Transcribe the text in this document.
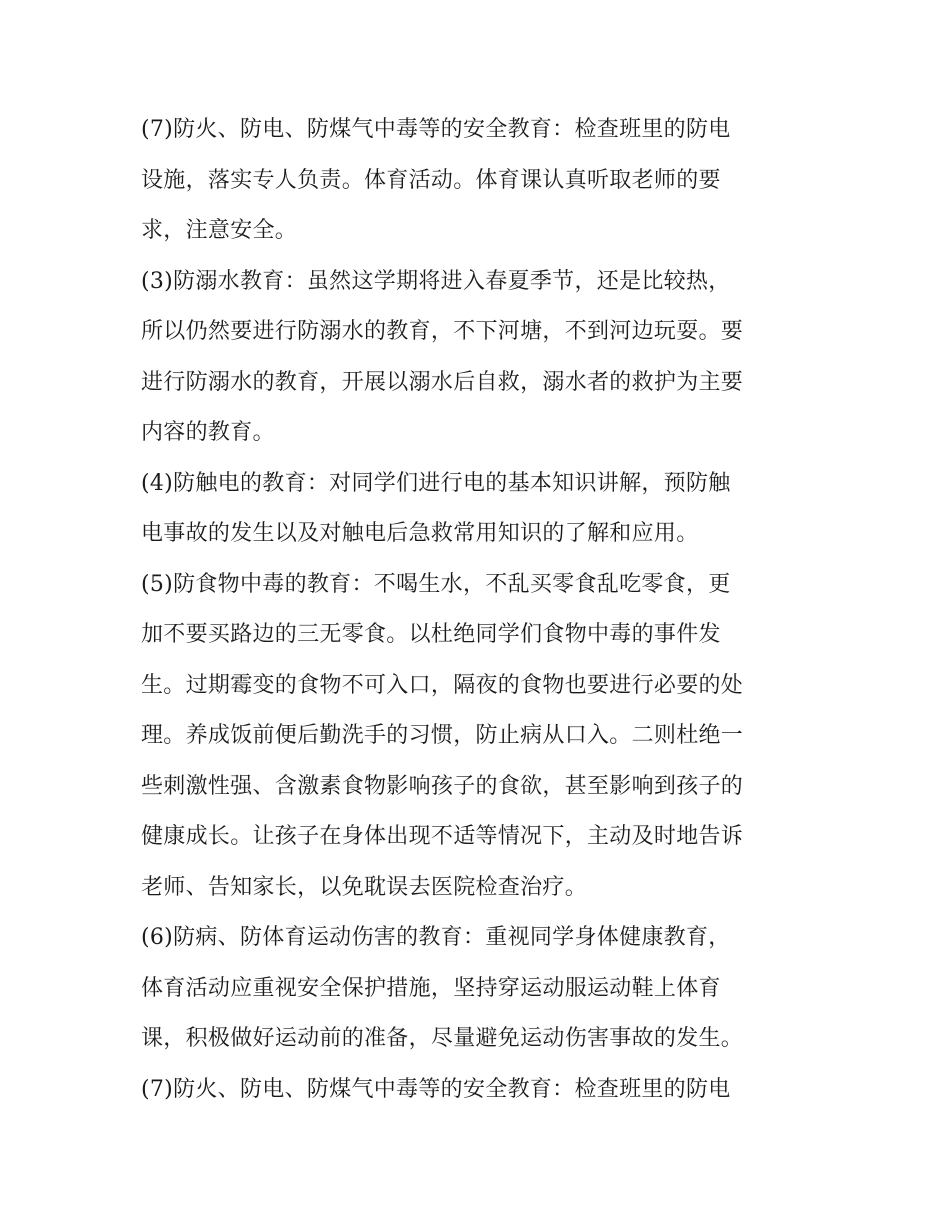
(7)防火、防电、防煤气中毒等的安全教育：检查班里的防电
设施，落实专人负责。体育活动。体育课认真听取老师的要
求，注意安全。
(3)防溺水教育：虽然这学期将进入春夏季节，还是比较热，
所以仍然要进行防溺水的教育，不下河塘，不到河边玩耍。要
进行防溺水的教育，开展以溺水后自救，溺水者的救护为主要
内容的教育。
(4)防触电的教育：对同学们进行电的基本知识讲解，预防触
电事故的发生以及对触电后急救常用知识的了解和应用。
(5)防食物中毒的教育：不喝生水，不乱买零食乱吃零食，更
加不要买路边的三无零食。以杜绝同学们食物中毒的事件发
生。过期霉变的食物不可入口，隔夜的食物也要进行必要的处
理。养成饭前便后勤洗手的习惯，防止病从口入。二则杜绝一
些刺激性强、含激素食物影响孩子的食欲，甚至影响到孩子的
健康成长。让孩子在身体出现不适等情况下，主动及时地告诉
老师、告知家长，以免耽误去医院检查治疗。
(6)防病、防体育运动伤害的教育：重视同学身体健康教育，
体育活动应重视安全保护措施，坚持穿运动服运动鞋上体育
课，积极做好运动前的准备，尽量避免运动伤害事故的发生。
(7)防火、防电、防煤气中毒等的安全教育：检查班里的防电
